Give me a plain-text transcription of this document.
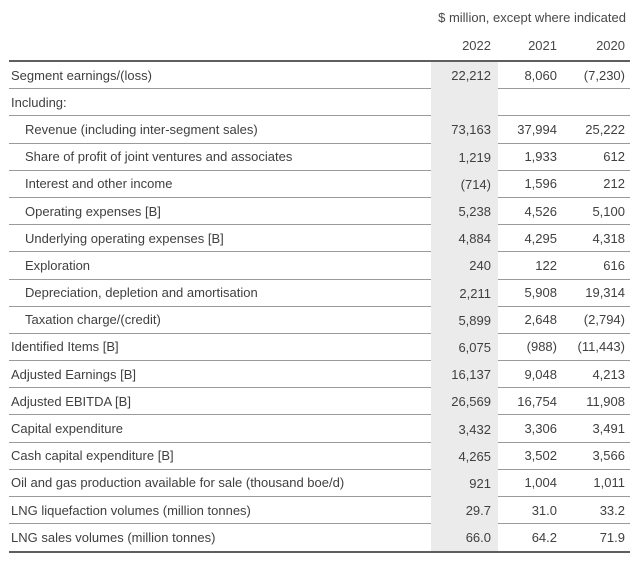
$ million, except where indicated
2022	2021	2020
Segment earnings/(loss)	22,212	8,060	(7,230)
Including:
Revenue (including inter-segment sales)	73,163	37,994	25,222
Share of profit of joint ventures and associates	1,219	1,933	612
Interest and other income	(714)	1,596	212
Operating expenses [B]	5,238	4,526	5,100
Underlying operating expenses [B]	4,884	4,295	4,318
Exploration	240	122	616
Depreciation, depletion and amortisation	2,211	5,908	19,314
Taxation charge/(credit)	5,899	2,648	(2,794)
Identified Items [B]	6,075	(988)	(11,443)
Adjusted Earnings [B]	16,137	9,048	4,213
Adjusted EBITDA [B]	26,569	16,754	11,908
Capital expenditure	3,432	3,306	3,491
Cash capital expenditure [B]	4,265	3,502	3,566
Oil and gas production available for sale (thousand boe/d)	921	1,004	1,011
LNG liquefaction volumes (million tonnes)	29.7	31.0	33.2
LNG sales volumes (million tonnes)	66.0	64.2	71.9
